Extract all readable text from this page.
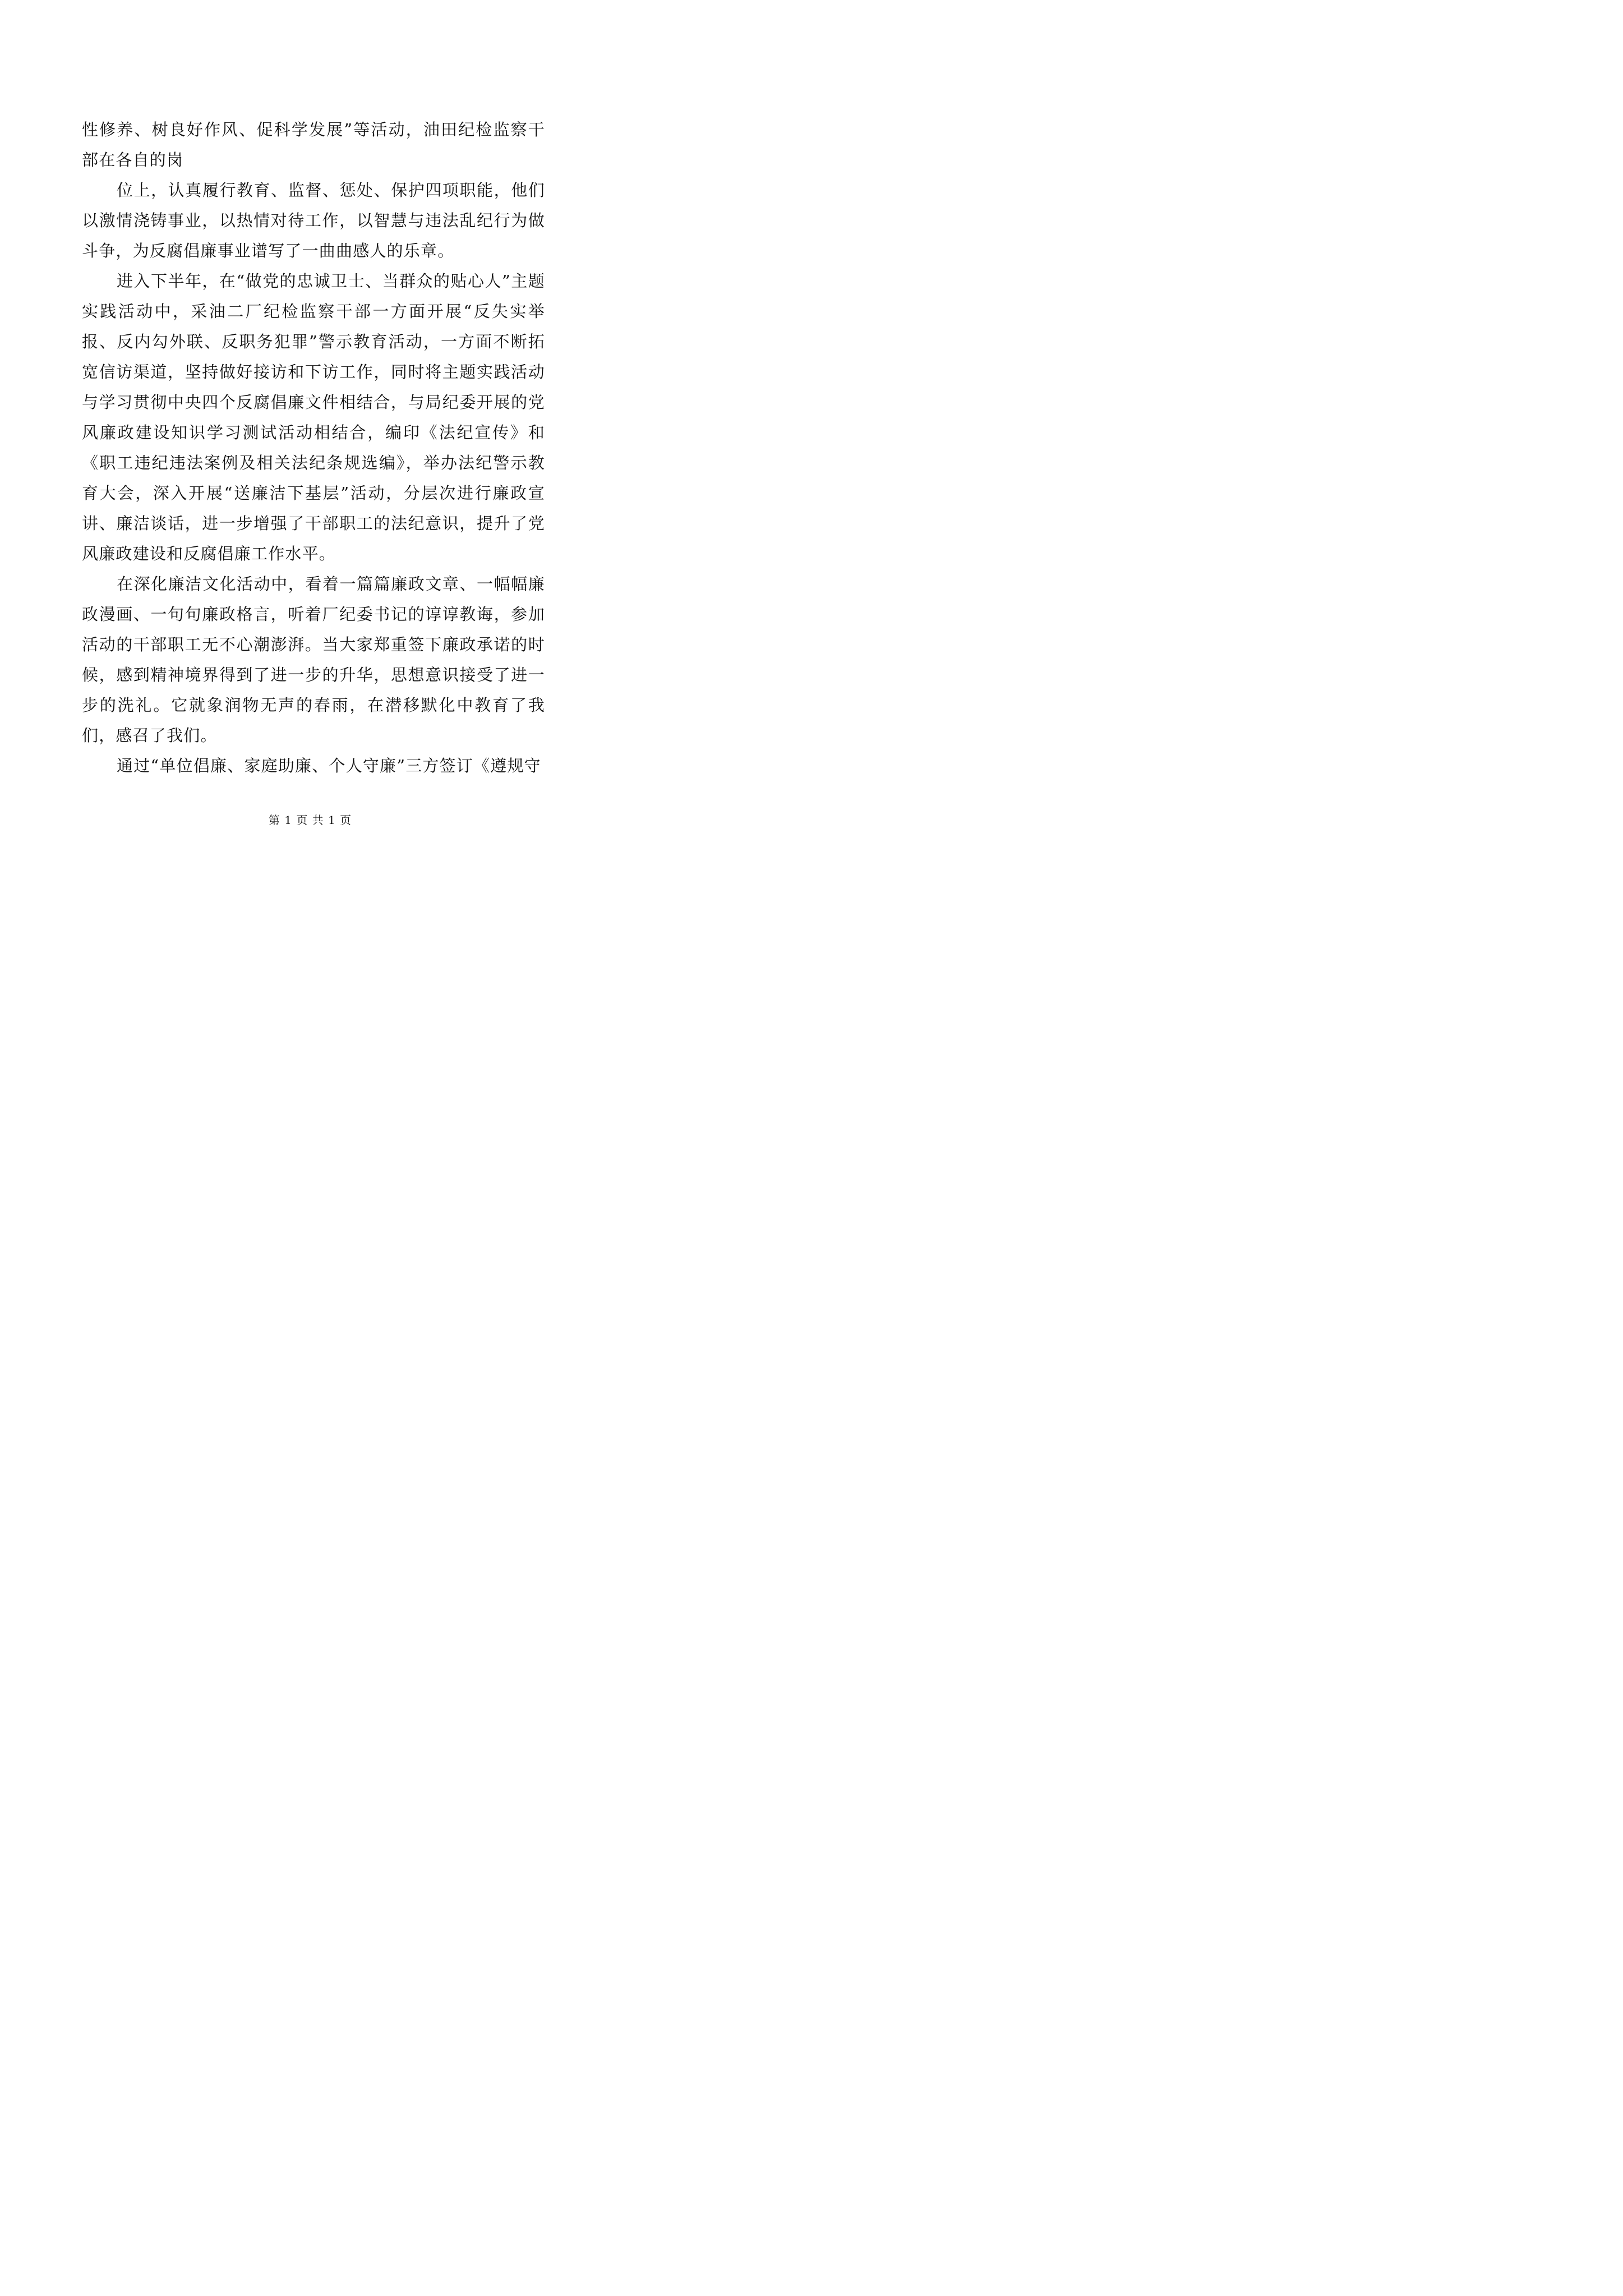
性修养、树良好作风、促科学发展”等活动，油田纪检监察干部在各自的岗

位上，认真履行教育、监督、惩处、保护四项职能，他们以激情浇铸事业，以热情对待工作，以智慧与违法乱纪行为做斗争，为反腐倡廉事业谱写了一曲曲感人的乐章。

进入下半年，在“做党的忠诚卫士、当群众的贴心人”主题实践活动中，采油二厂纪检监察干部一方面开展“反失实举报、反内勾外联、反职务犯罪”警示教育活动，一方面不断拓宽信访渠道，坚持做好接访和下访工作，同时将主题实践活动与学习贯彻中央四个反腐倡廉文件相结合，与局纪委开展的党风廉政建设知识学习测试活动相结合，编印《法纪宣传》和《职工违纪违法案例及相关法纪条规选编》，举办法纪警示教育大会，深入开展“送廉洁下基层”活动，分层次进行廉政宣讲、廉洁谈话，进一步增强了干部职工的法纪意识，提升了党风廉政建设和反腐倡廉工作水平。

在深化廉洁文化活动中，看着一篇篇廉政文章、一幅幅廉政漫画、一句句廉政格言，听着厂纪委书记的谆谆教诲，参加活动的干部职工无不心潮澎湃。当大家郑重签下廉政承诺的时候，感到精神境界得到了进一步的升华，思想意识接受了进一步的洗礼。它就象润物无声的春雨，在潜移默化中教育了我们，感召了我们。

通过“单位倡廉、家庭助廉、个人守廉”三方签订《遵规守

第 1 页 共 1 页
